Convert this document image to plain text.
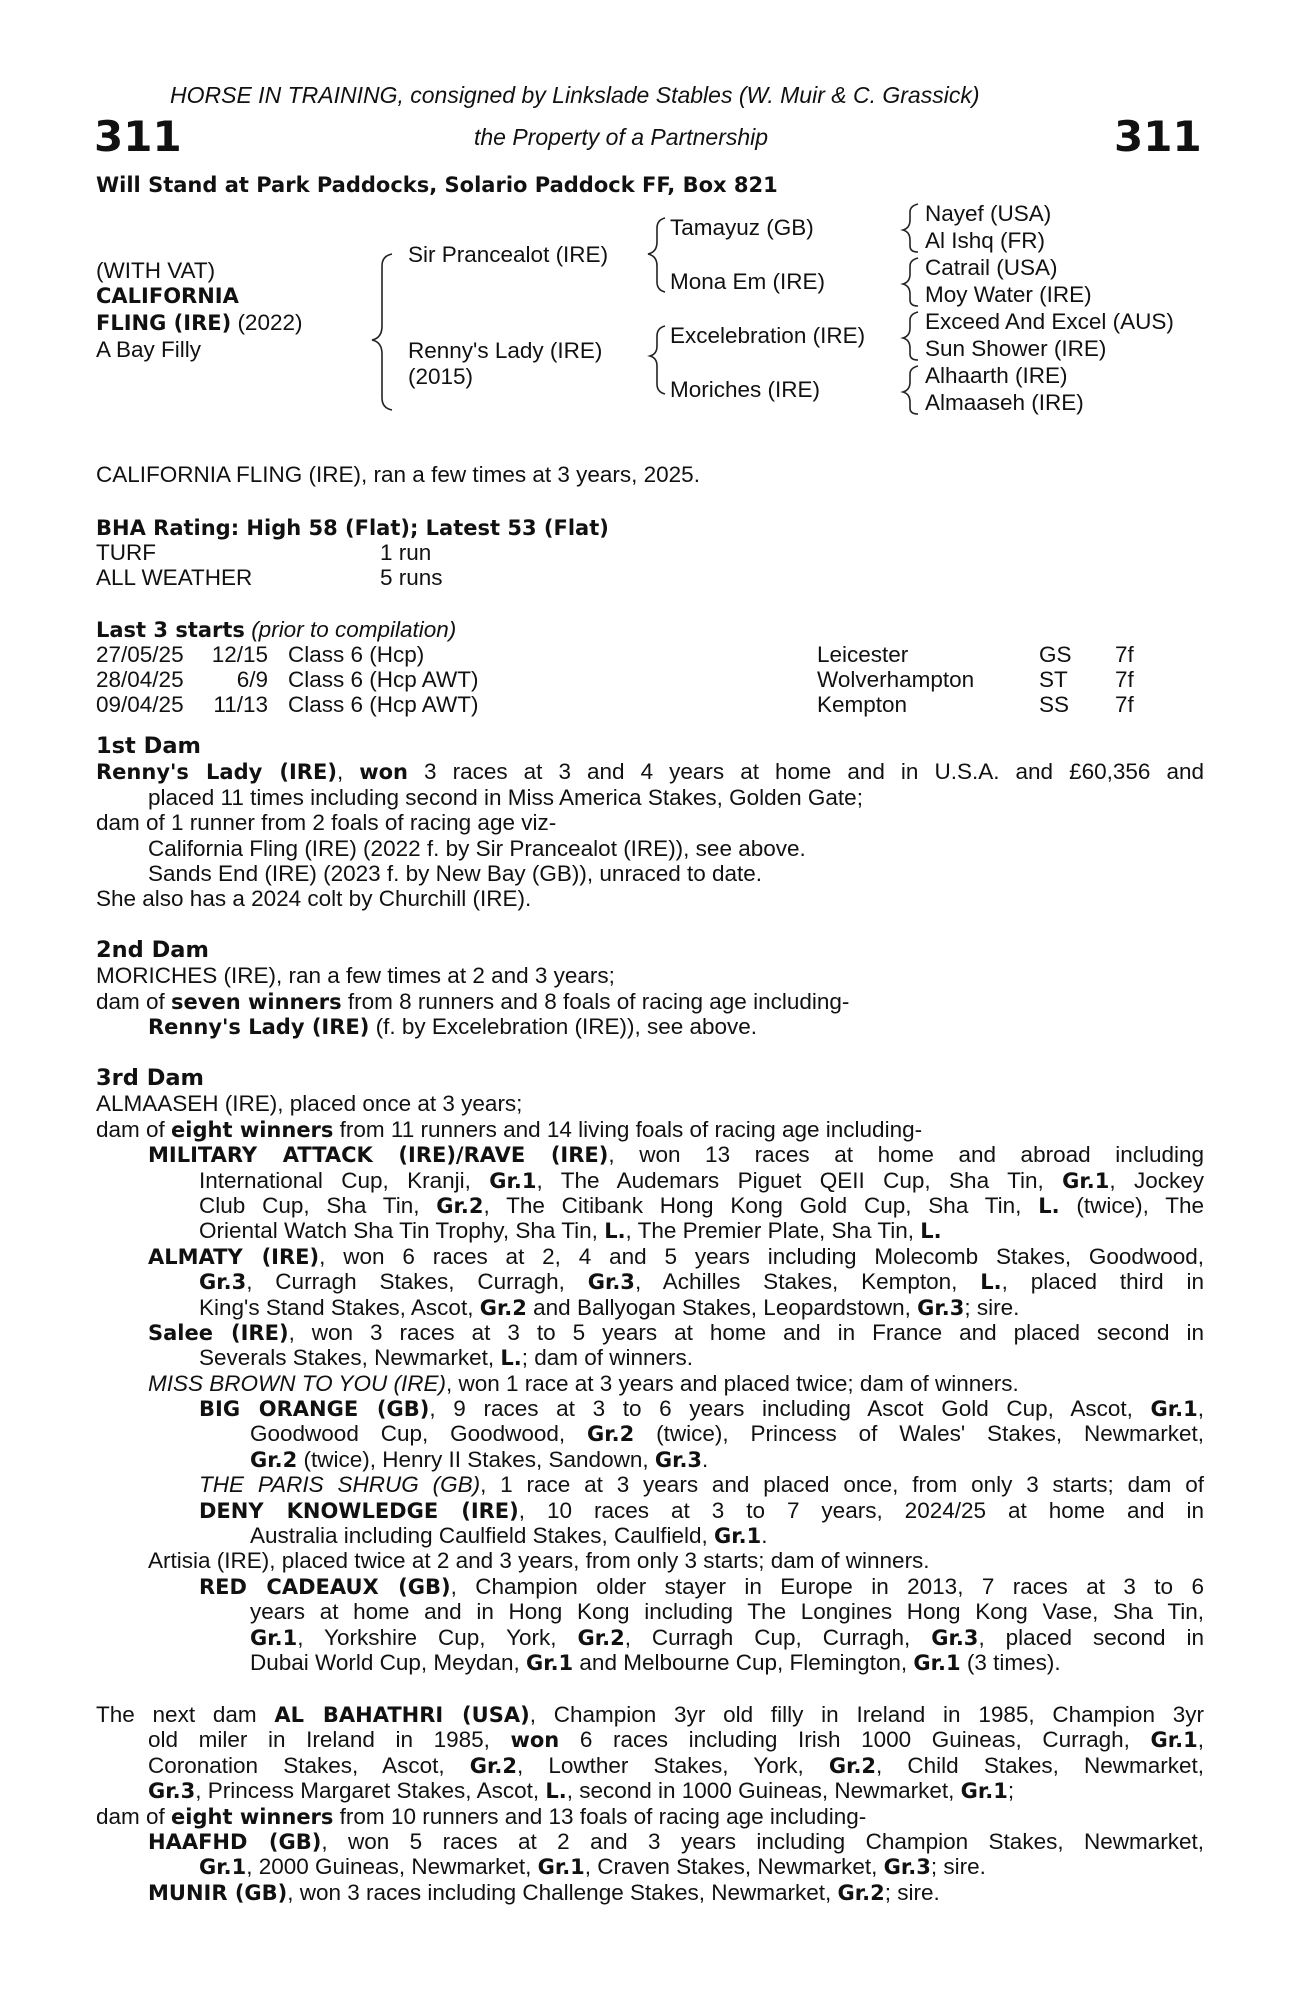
HORSE IN TRAINING, consigned by Linkslade Stables (W. Muir & C. Grassick)
311	the Property of a Partnership	311
Will Stand at Park Paddocks, Solario Paddock FF, Box 821
(WITH VAT)
CALIFORNIA
FLING (IRE) (2022)
A Bay Filly
Sir Prancealot (IRE)
Renny's Lady (IRE)
(2015)
Tamayuz (GB)
Mona Em (IRE)
Excelebration (IRE)
Moriches (IRE)
Nayef (USA)
Al Ishq (FR)
Catrail (USA)
Moy Water (IRE)
Exceed And Excel (AUS)
Sun Shower (IRE)
Alhaarth (IRE)
Almaaseh (IRE)
CALIFORNIA FLING (IRE), ran a few times at 3 years, 2025.
BHA Rating: High 58 (Flat); Latest 53 (Flat)
TURF	1 run
ALL WEATHER	5 runs
Last 3 starts (prior to compilation)
27/05/25 12/15 Class 6 (Hcp)	Leicester	GS 7f
28/04/25	6/9 Class 6 (Hcp AWT)	Wolverhampton	ST 7f
09/04/25	11/13 Class 6 (Hcp AWT)	Kempton	SS 7f
1st Dam
Renny's Lady (IRE), won 3 races at 3 and 4 years at home and in U.S.A. and £60,356 and
placed 11 times including second in Miss America Stakes, Golden Gate;
dam of 1 runner from 2 foals of racing age viz-
California Fling (IRE) (2022 f. by Sir Prancealot (IRE)), see above.
Sands End (IRE) (2023 f. by New Bay (GB)), unraced to date.
She also has a 2024 colt by Churchill (IRE).
2nd Dam
MORICHES (IRE), ran a few times at 2 and 3 years;
dam of seven winners from 8 runners and 8 foals of racing age including-
Renny's Lady (IRE) (f. by Excelebration (IRE)), see above.
3rd Dam
ALMAASEH (IRE), placed once at 3 years;
dam of eight winners from 11 runners and 14 living foals of racing age including-
MILITARY ATTACK (IRE)/RAVE (IRE), won 13 races at home and abroad including
International Cup, Kranji, Gr.1, The Audemars Piguet QEII Cup, Sha Tin, Gr.1, Jockey
Club Cup, Sha Tin, Gr.2, The Citibank Hong Kong Gold Cup, Sha Tin, L. (twice), The
Oriental Watch Sha Tin Trophy, Sha Tin, L., The Premier Plate, Sha Tin, L.
ALMATY (IRE), won 6 races at 2, 4 and 5 years including Molecomb Stakes, Goodwood,
Gr.3, Curragh Stakes, Curragh, Gr.3, Achilles Stakes, Kempton, L., placed third in
King's Stand Stakes, Ascot, Gr.2 and Ballyogan Stakes, Leopardstown, Gr.3; sire.
Salee (IRE), won 3 races at 3 to 5 years at home and in France and placed second in
Severals Stakes, Newmarket, L.; dam of winners.
MISS BROWN TO YOU (IRE), won 1 race at 3 years and placed twice; dam of winners.
BIG ORANGE (GB), 9 races at 3 to 6 years including Ascot Gold Cup, Ascot, Gr.1,
Goodwood Cup, Goodwood, Gr.2 (twice), Princess of Wales' Stakes, Newmarket,
Gr.2 (twice), Henry II Stakes, Sandown, Gr.3.
THE PARIS SHRUG (GB), 1 race at 3 years and placed once, from only 3 starts; dam of
DENY KNOWLEDGE (IRE), 10 races at 3 to 7 years, 2024/25 at home and in
Australia including Caulfield Stakes, Caulfield, Gr.1.
Artisia (IRE), placed twice at 2 and 3 years, from only 3 starts; dam of winners.
RED CADEAUX (GB), Champion older stayer in Europe in 2013, 7 races at 3 to 6
years at home and in Hong Kong including The Longines Hong Kong Vase, Sha Tin,
Gr.1, Yorkshire Cup, York, Gr.2, Curragh Cup, Curragh, Gr.3, placed second in
Dubai World Cup, Meydan, Gr.1 and Melbourne Cup, Flemington, Gr.1 (3 times).
The next dam AL BAHATHRI (USA), Champion 3yr old filly in Ireland in 1985, Champion 3yr
old miler in Ireland in 1985, won 6 races including Irish 1000 Guineas, Curragh, Gr.1,
Coronation Stakes, Ascot, Gr.2, Lowther Stakes, York, Gr.2, Child Stakes, Newmarket,
Gr.3, Princess Margaret Stakes, Ascot, L., second in 1000 Guineas, Newmarket, Gr.1;
dam of eight winners from 10 runners and 13 foals of racing age including-
HAAFHD (GB), won 5 races at 2 and 3 years including Champion Stakes, Newmarket,
Gr.1, 2000 Guineas, Newmarket, Gr.1, Craven Stakes, Newmarket, Gr.3; sire.
MUNIR (GB), won 3 races including Challenge Stakes, Newmarket, Gr.2; sire.
